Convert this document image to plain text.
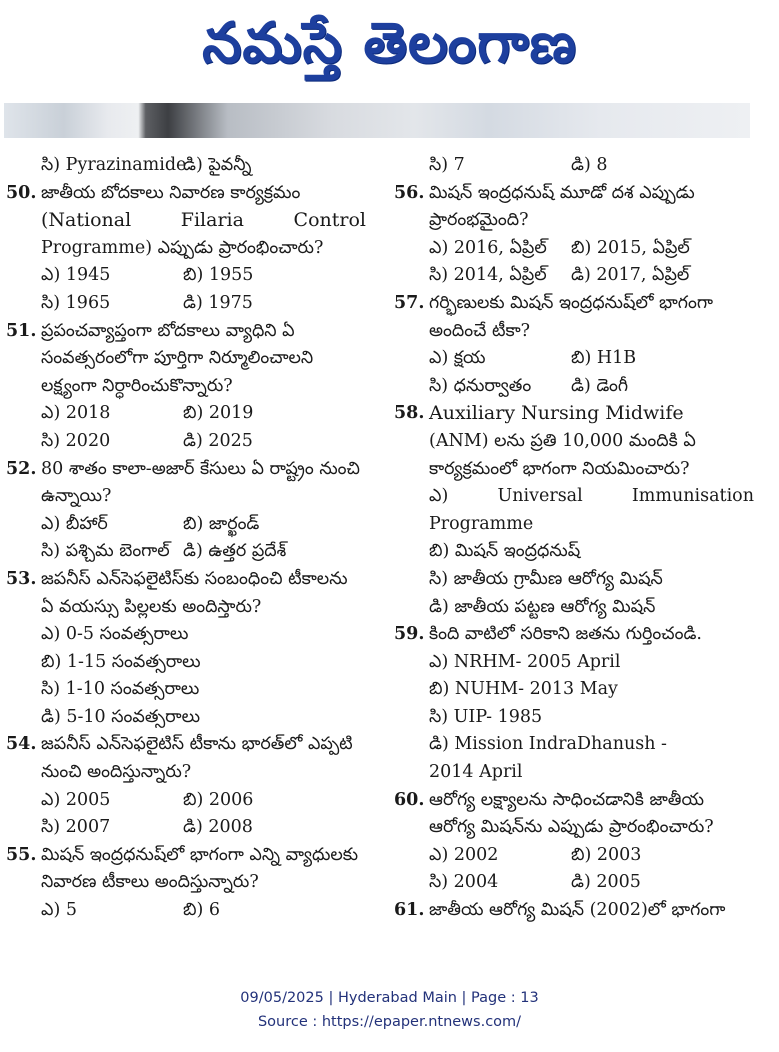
నమస్తే తెలంగాణ
సి) Pyrazinamide
డి) పైవన్నీ
50. జాతీయ బోదకాలు నివారణ కార్యక్రమం
(National Filaria Control
Programme) ఎప్పుడు ప్రారంభించారు?
ఎ) 1945	బి) 1955
సి) 1965	డి) 1975
51. ప్రపంచవ్యాప్తంగా బోదకాలు వ్యాధిని ఏ
సంవత్సరంలోగా పూర్తిగా నిర్మూలించాలని
లక్ష్యంగా నిర్ధారించుకొన్నారు?
ఎ) 2018	బి) 2019
సి) 2020	డి) 2025
52. 80 శాతం కాలా-అజార్ కేసులు ఏ రాష్ట్రం నుంచి
ఉన్నాయి?
ఎ) బీహార్	బి) జార్ఖండ్
సి) పశ్చిమ బెంగాల్ డి) ఉత్తర ప్రదేశ్
53. జపనీస్ ఎన్‌సెఫలైటిస్‌కు సంబంధించి టీకాలను
ఏ వయస్సు పిల్లలకు అందిస్తారు?
ఎ) 0-5 సంవత్సరాలు
బి) 1-15 సంవత్సరాలు
సి) 1-10 సంవత్సరాలు
డి) 5-10 సంవత్సరాలు
54. జపనీస్ ఎన్‌సెఫలైటిస్ టీకాను భారత్‌లో ఎప్పటి
నుంచి అందిస్తున్నారు?
ఎ) 2005	బి) 2006
సి) 2007	డి) 2008
55. మిషన్ ఇంద్రధనుష్‌లో భాగంగా ఎన్ని వ్యాధులకు
నివారణ టీకాలు అందిస్తున్నారు?
ఎ) 5	బి) 6
సి) 7	డి) 8
56. మిషన్ ఇంద్రధనుష్ మూడో దశ ఎప్పుడు
ప్రారంభమైంది?
ఎ) 2016, ఏప్రిల్	బి) 2015, ఏప్రిల్
సి) 2014, ఏప్రిల్	డి) 2017, ఏప్రిల్
57. గర్భిణులకు మిషన్ ఇంద్రధనుష్‌లో భాగంగా
అందించే టీకా?
ఎ) క్షయ	బి) H1B
సి) ధనుర్వాతం	డి) డెంగీ
58. Auxiliary Nursing Midwife
(ANM) లను ప్రతి 10,000 మందికి ఏ
కార్యక్రమంలో భాగంగా నియమించారు?
ఎ) Universal Immunisation
Programme
బి) మిషన్ ఇంద్రధనుష్
సి) జాతీయ గ్రామీణ ఆరోగ్య మిషన్
డి) జాతీయ పట్టణ ఆరోగ్య మిషన్
59. కింది వాటిలో సరికాని జతను గుర్తించండి.
ఎ) NRHM- 2005 April
బి) NUHM- 2013 May
సి) UIP- 1985
డి) Mission IndraDhanush -
2014 April
60. ఆరోగ్య లక్ష్యాలను సాధించడానికి జాతీయ
ఆరోగ్య మిషన్‌ను ఎప్పుడు ప్రారంభించారు?
ఎ) 2002	బి) 2003
సి) 2004	డి) 2005
61. జాతీయ ఆరోగ్య మిషన్ (2002)లో భాగంగా
09/05/2025 | Hyderabad Main | Page : 13
Source : https://epaper.ntnews.com/
